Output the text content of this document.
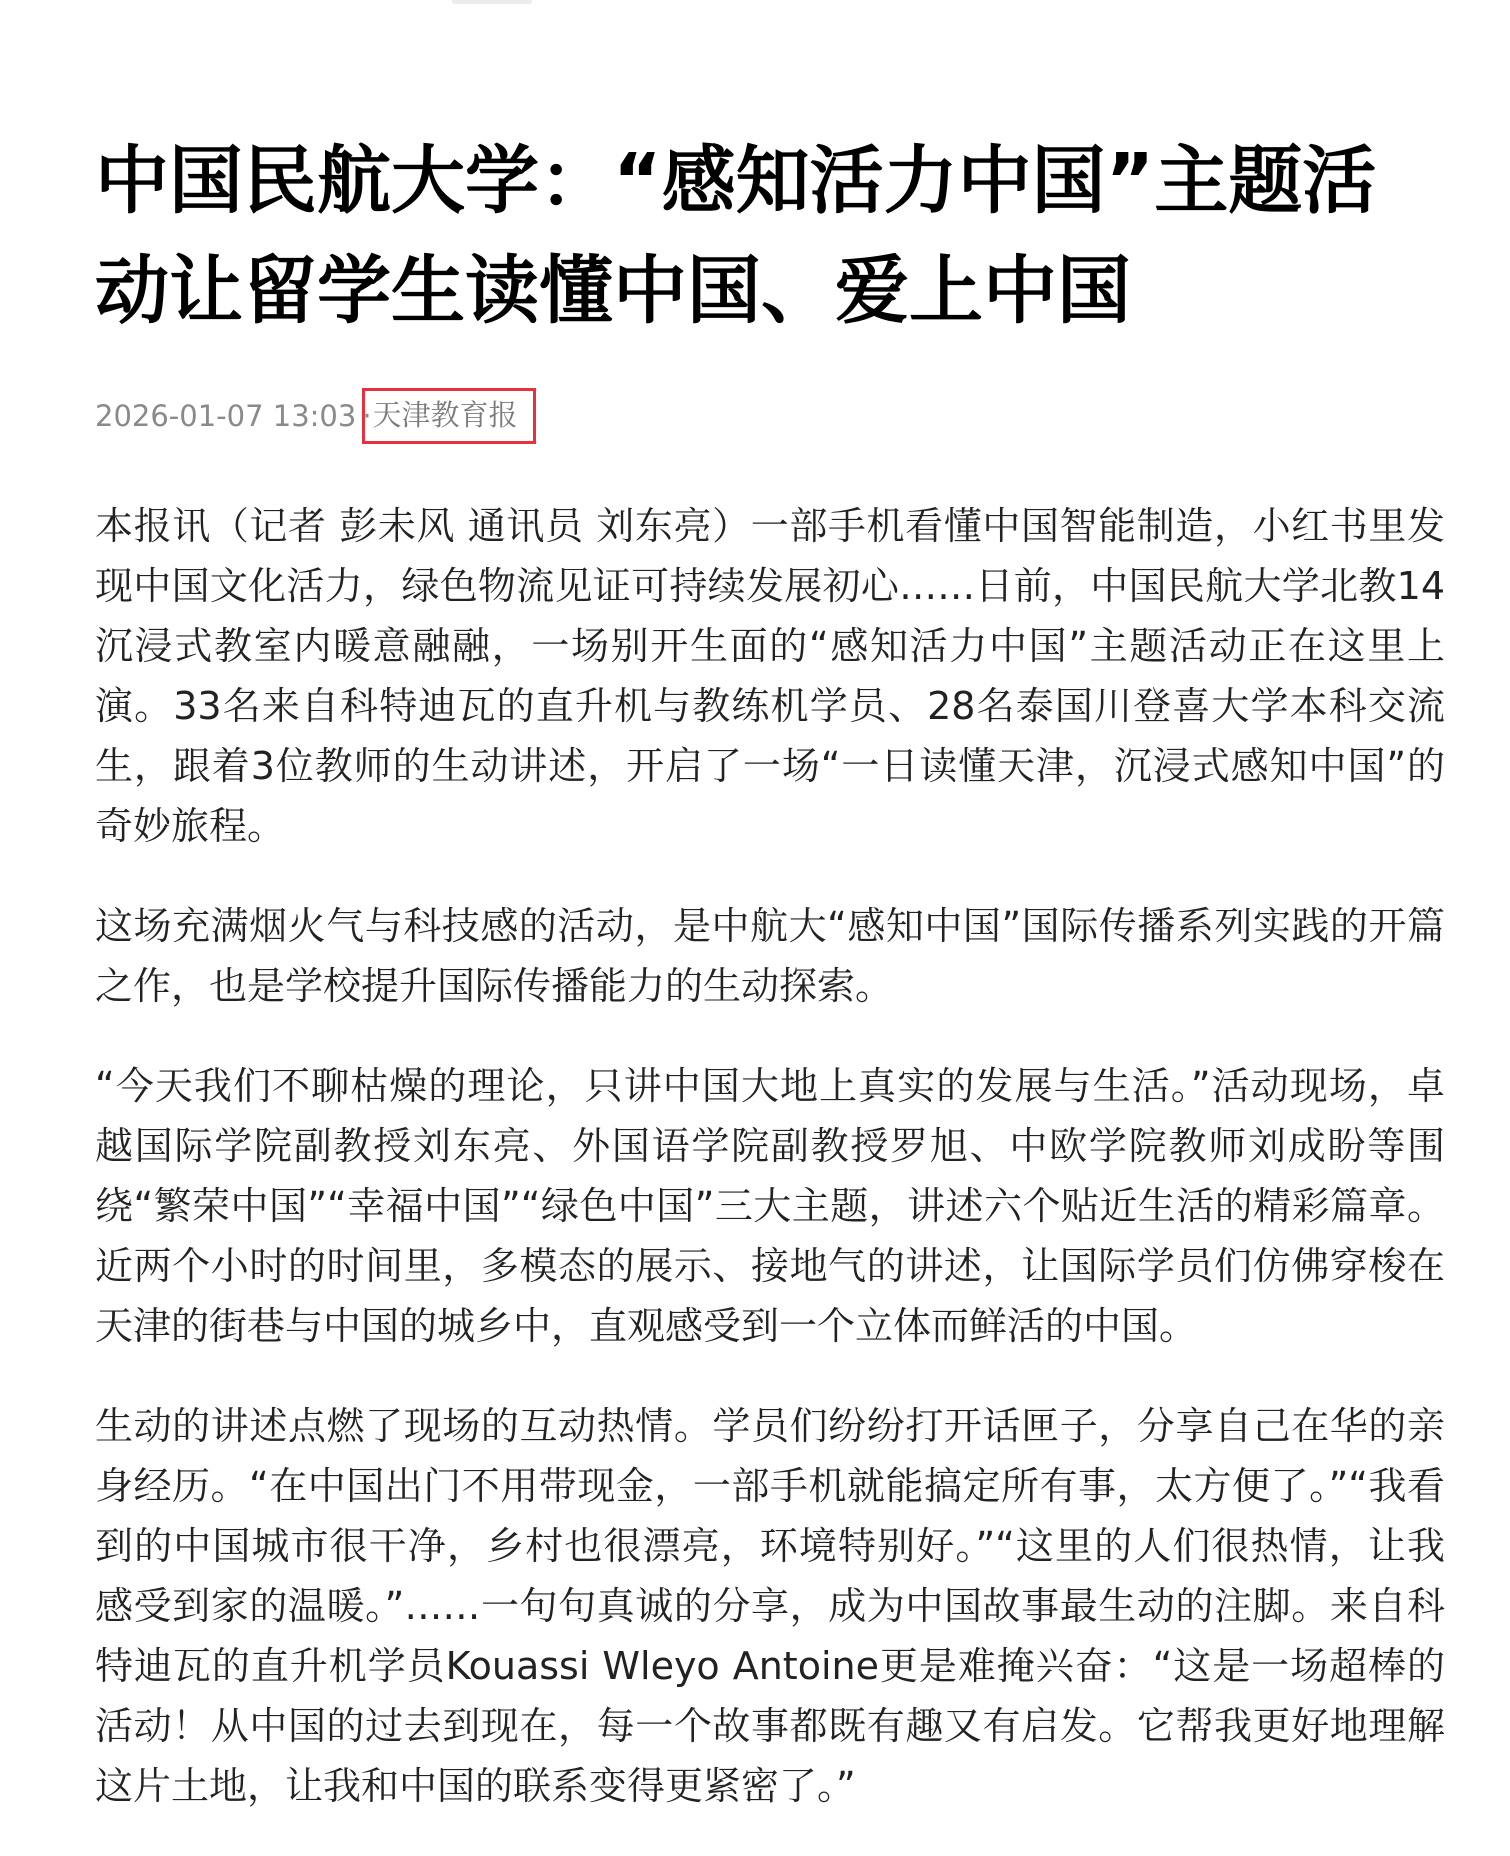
中国民航大学：“感知活力中国”主题活动让留学生读懂中国、爱上中国
2026-01-07 13:03 · 天津教育报

本报讯（记者 彭未风 通讯员 刘东亮）一部手机看懂中国智能制造，小红书里发现中国文化活力，绿色物流见证可持续发展初心……日前，中国民航大学北教14沉浸式教室内暖意融融，一场别开生面的“感知活力中国”主题活动正在这里上演。33名来自科特迪瓦的直升机与教练机学员、28名泰国川登喜大学本科交流生，跟着3位教师的生动讲述，开启了一场“一日读懂天津，沉浸式感知中国”的奇妙旅程。

这场充满烟火气与科技感的活动，是中航大“感知中国”国际传播系列实践的开篇之作，也是学校提升国际传播能力的生动探索。

“今天我们不聊枯燥的理论，只讲中国大地上真实的发展与生活。”活动现场，卓越国际学院副教授刘东亮、外国语学院副教授罗旭、中欧学院教师刘成盼等围绕“繁荣中国”“幸福中国”“绿色中国”三大主题，讲述六个贴近生活的精彩篇章。近两个小时的时间里，多模态的展示、接地气的讲述，让国际学员们仿佛穿梭在天津的街巷与中国的城乡中，直观感受到一个立体而鲜活的中国。

生动的讲述点燃了现场的互动热情。学员们纷纷打开话匣子，分享自己在华的亲身经历。“在中国出门不用带现金，一部手机就能搞定所有事，太方便了。”“我看到的中国城市很干净，乡村也很漂亮，环境特别好。”“这里的人们很热情，让我感受到家的温暖。”……一句句真诚的分享，成为中国故事最生动的注脚。来自科特迪瓦的直升机学员Kouassi Wleyo Antoine更是难掩兴奋：“这是一场超棒的活动！从中国的过去到现在，每一个故事都既有趣又有启发。它帮我更好地理解这片土地，让我和中国的联系变得更紧密了。”
